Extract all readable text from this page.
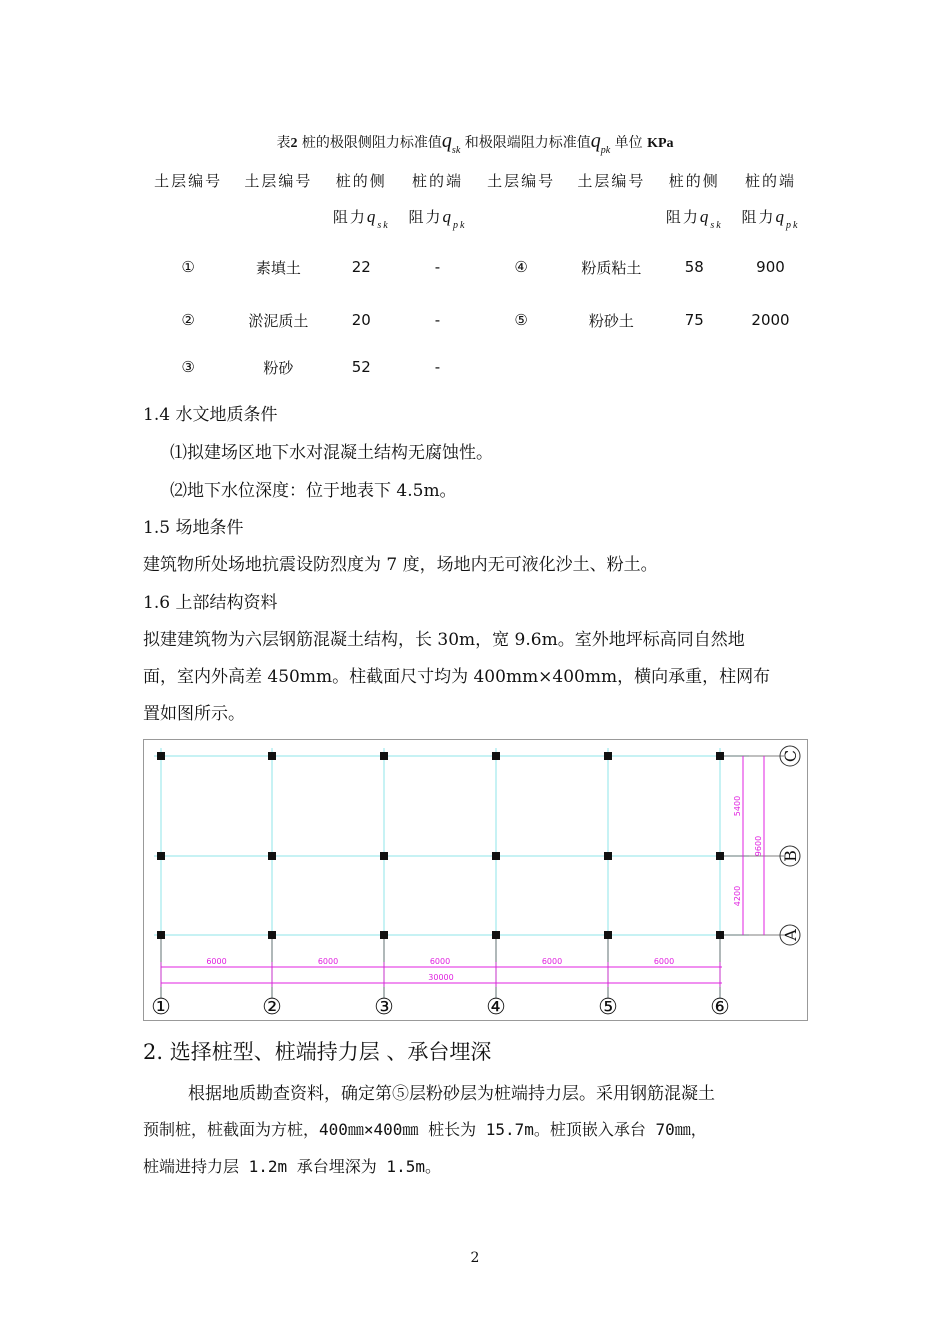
表2 桩的极限侧阻力标准值$q_{sk}$ 和极限端阻力标准值$q_{pk}$ 单位 KPa
土层编号	土层编号	桩的侧	桩的端	土层编号	土层编号	桩的侧	桩的端
		阻力$q_{sk}$	阻力$q_{pk}$			阻力$q_{sk}$	阻力$q_{pk}$
①	素填土	22	-	④	粉质粘土	58	900
②	淤泥质土	20	-	⑤	粉砂土	75	2000
③	粉砂	52	-				
1.4 水文地质条件
⑴拟建场区地下水对混凝土结构无腐蚀性。
⑵地下水位深度：位于地表下 4.5m。
1.5 场地条件
建筑物所处场地抗震设防烈度为 7 度，场地内无可液化沙土、粉土。
1.6 上部结构资料
拟建建筑物为六层钢筋混凝土结构，长 30m，宽 9.6m。室外地坪标高同自然地
面，室内外高差 450mm。柱截面尺寸均为 400mm×400mm，横向承重，柱网布
置如图所示。
6000	6000	6000	6000	6000
30000
5400
4200
9600
①	②	③	④	⑤	⑥
C
B
A
2. 选择桩型、桩端持力层 、承台埋深
根据地质勘查资料，确定第⑤层粉砂层为桩端持力层。采用钢筋混凝土
预制桩，桩截面为方桩，400㎜×400㎜ 桩长为 15.7m。桩顶嵌入承台 70㎜，
桩端进持力层 1.2m 承台埋深为 1.5m。
2
